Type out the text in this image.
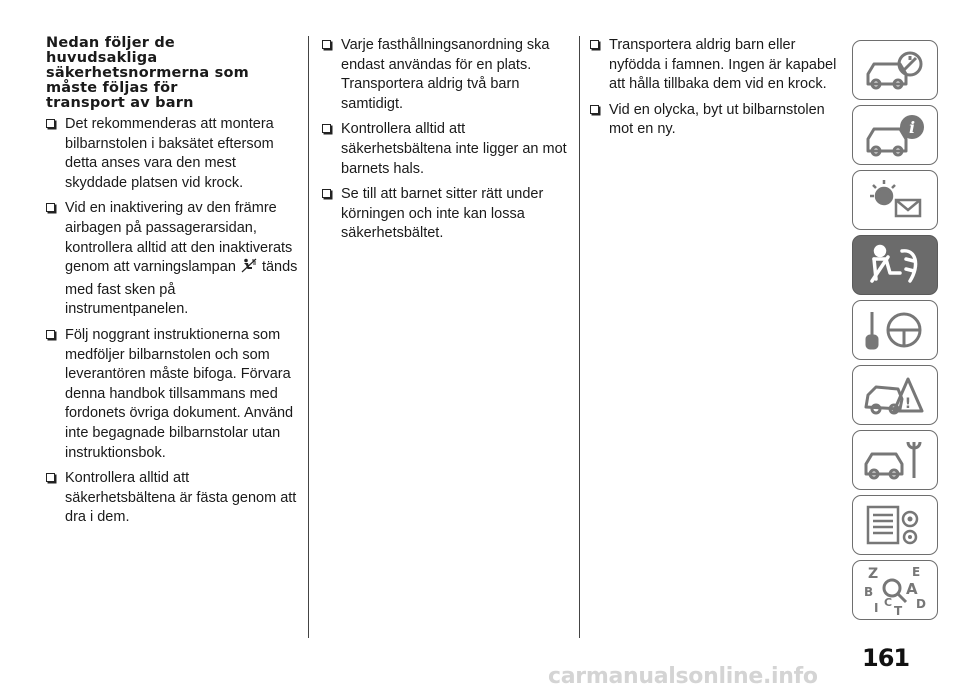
Nedan följer de
huvudsakliga
säkerhetsnormerna som
måste följas för
transport av barn
Det rekommenderas att montera bilbarnstolen i baksätet eftersom detta anses vara den mest skyddade platsen vid krock.
Vid en inaktivering av den främre airbagen på passagerarsidan, kontrollera alltid att den inaktiverats genom att varningslampan tänds med fast sken på instrumentpanelen.
Följ noggrant instruktionerna som medföljer bilbarnstolen och som leverantören måste bifoga. Förvara denna handbok tillsammans med fordonets övriga dokument. Använd inte begagnade bilbarnstolar utan instruktionsbok.
Kontrollera alltid att säkerhetsbältena är fästa genom att dra i dem.
Varje fasthållningsanordning ska endast användas för en plats. Transportera aldrig två barn samtidigt.
Kontrollera alltid att säkerhetsbältena inte ligger an mot barnets hals.
Se till att barnet sitter rätt under körningen och inte kan lossa säkerhetsbältet.
Transportera aldrig barn eller nyfödda i famnen. Ingen är kapabel att hålla tillbaka dem vid en krock.
Vid en olycka, byt ut bilbarnstolen mot en ny.	i
!
Z	E
B A
I C D
T
161
carmanualsonline.info
